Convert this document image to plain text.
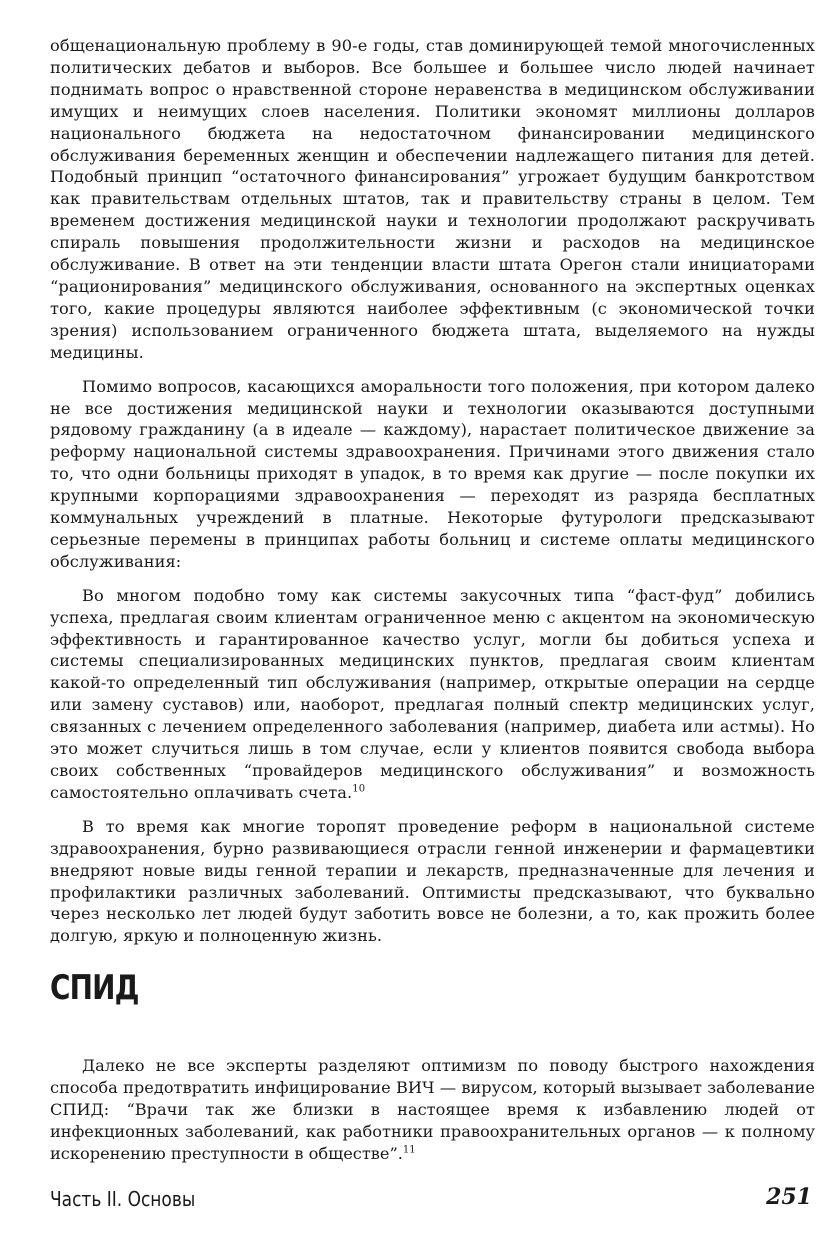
общенациональную проблему в 90-е годы, став доминирующей темой многочисленных политических дебатов и выборов. Все большее и большее число людей начинает поднимать вопрос о нравственной стороне неравенства в медицинском обслуживании имущих и неимущих слоев населения. Политики экономят миллионы долларов национального бюджета на недостаточном финансировании медицинского обслуживания беременных женщин и обеспечении надлежащего питания для детей. Подобный принцип “остаточного финансирования” угрожает будущим банкротством как правительствам отдельных штатов, так и правительству страны в целом. Тем временем достижения медицинской науки и технологии продолжают раскручивать спираль повышения продолжительности жизни и расходов на медицинское обслуживание. В ответ на эти тенденции власти штата Орегон стали инициаторами “рационирования” медицинского обслуживания, основанного на экспертных оценках того, какие процедуры являются наиболее эффективным (с экономической точки зрения) использованием ограниченного бюджета штата, выделяемого на нужды медицины.

Помимо вопросов, касающихся аморальности того положения, при котором далеко не все достижения медицинской науки и технологии оказываются доступными рядовому гражданину (а в идеале — каждому), нарастает политическое движение за реформу национальной системы здравоохранения. Причинами этого движения стало то, что одни больницы приходят в упадок, в то время как другие — после покупки их крупными корпорациями здравоохранения — переходят из разряда бесплатных коммунальных учреждений в платные. Некоторые футурологи предсказывают серьезные перемены в принципах работы больниц и системе оплаты медицинского обслуживания:

Во многом подобно тому как системы закусочных типа “фаст-фуд” добились успеха, предлагая своим клиентам ограниченное меню с акцентом на экономическую эффективность и гарантированное качество услуг, могли бы добиться успеха и системы специализированных медицинских пунктов, предлагая своим клиентам какой-то определенный тип обслуживания (например, открытые операции на сердце или замену суставов) или, наоборот, предлагая полный спектр медицинских услуг, связанных с лечением определенного заболевания (например, диабета или астмы). Но это может случиться лишь в том случае, если у клиентов появится свобода выбора своих собственных “провайдеров медицинского обслуживания” и возможность самостоятельно оплачивать счета.$^{10}$

В то время как многие торопят проведение реформ в национальной системе здравоохранения, бурно развивающиеся отрасли генной инженерии и фармацевтики внедряют новые виды генной терапии и лекарств, предназначенные для лечения и профилактики различных заболеваний. Оптимисты предсказывают, что буквально через несколько лет людей будут заботить вовсе не болезни, а то, как прожить более долгую, яркую и полноценную жизнь.

СПИД

Далеко не все эксперты разделяют оптимизм по поводу быстрого нахождения способа предотвратить инфицирование ВИЧ — вирусом, который вызывает заболевание СПИД: “Врачи так же близки в настоящее время к избавлению людей от инфекционных заболеваний, как работники правоохранительных органов — к полному искоренению преступности в обществе”.$^{11}$

Часть II. Основы	251
